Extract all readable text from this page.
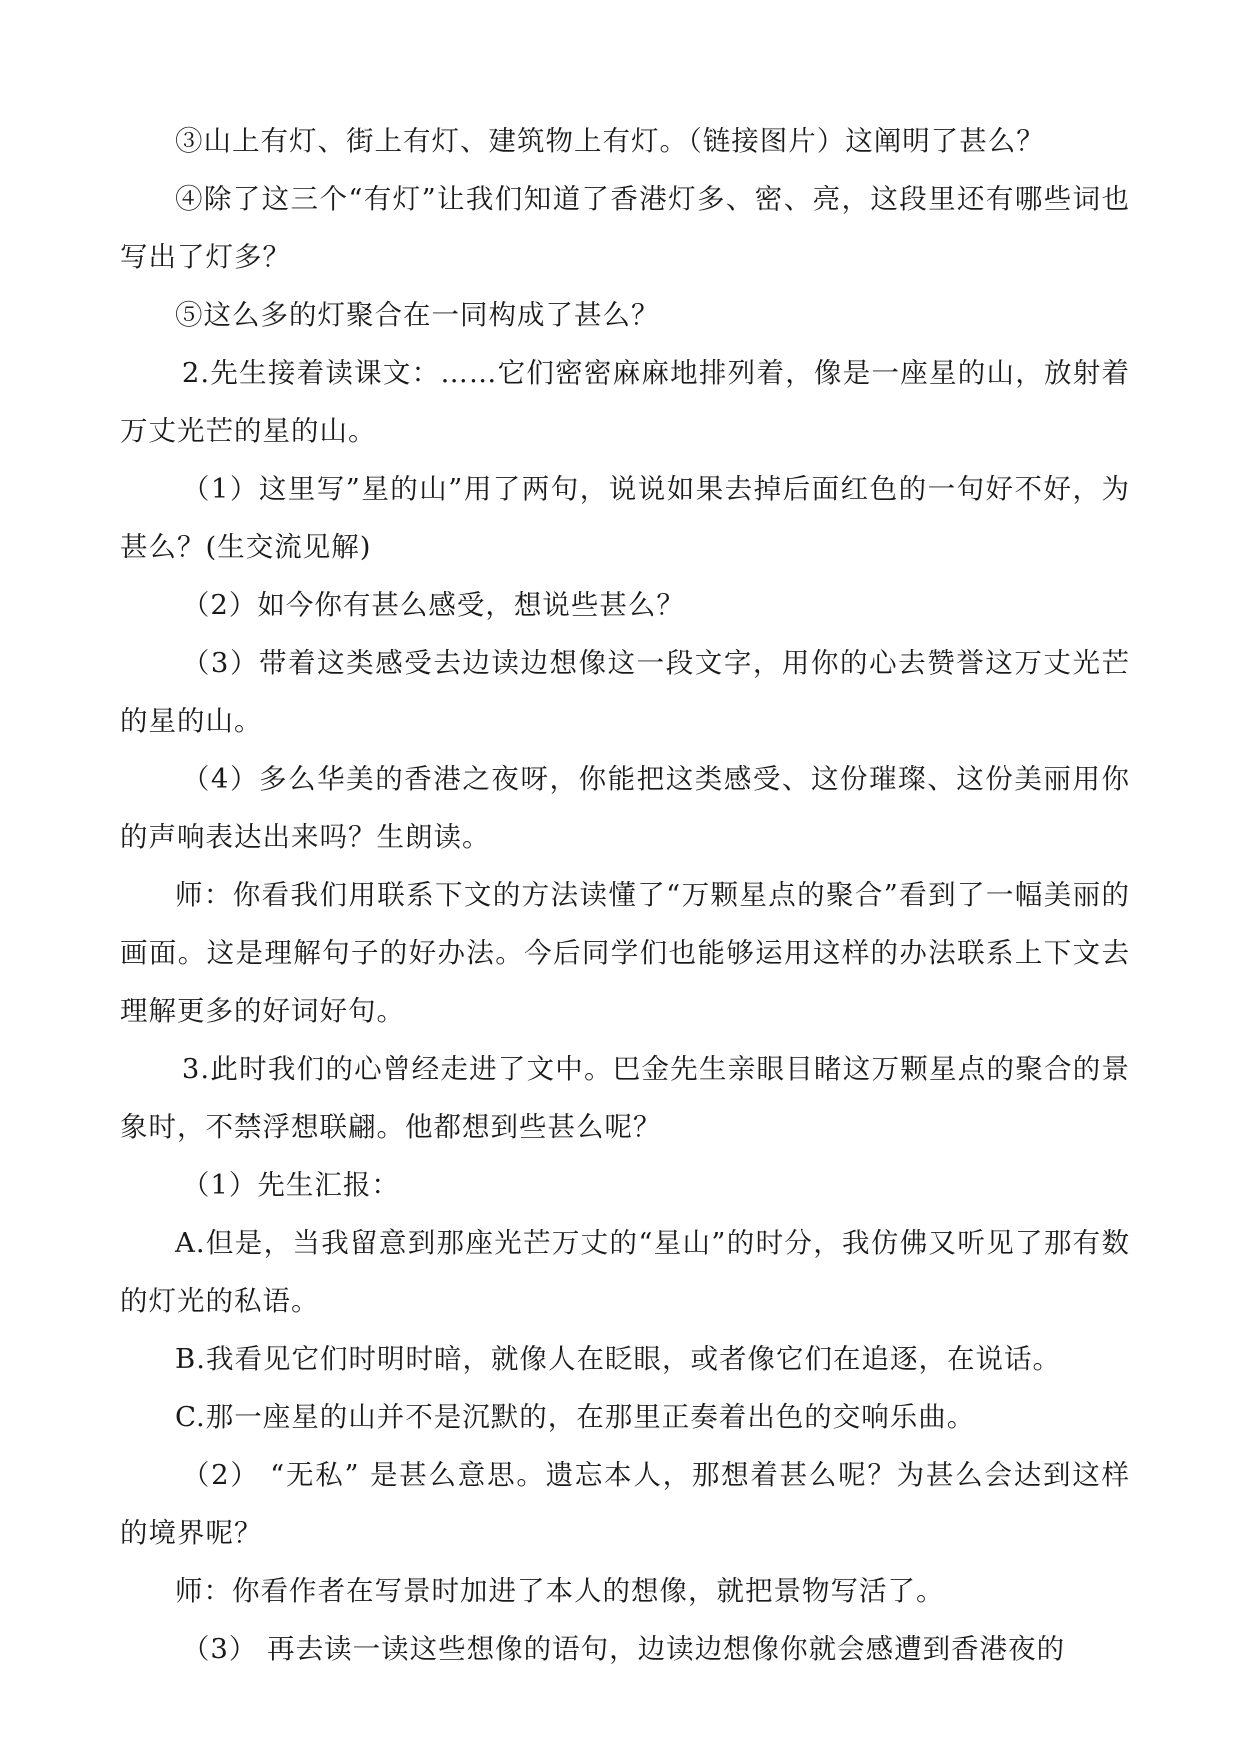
③山上有灯、街上有灯、建筑物上有灯。（链接图片）这阐明了甚么？

④除了这三个“有灯”让我们知道了香港灯多、密、亮，这段里还有哪些词也写出了灯多？

⑤这么多的灯聚合在一同构成了甚么？

2.先生接着读课文：……它们密密麻麻地排列着，像是一座星的山，放射着万丈光芒的星的山。

（1）这里写”星的山”用了两句，说说如果去掉后面红色的一句好不好，为甚么？(生交流见解)

（2）如今你有甚么感受，想说些甚么？

（3）带着这类感受去边读边想像这一段文字，用你的心去赞誉这万丈光芒的星的山。

（4）多么华美的香港之夜呀，你能把这类感受、这份璀璨、这份美丽用你的声响表达出来吗？生朗读。

师：你看我们用联系下文的方法读懂了“万颗星点的聚合”看到了一幅美丽的画面。这是理解句子的好办法。今后同学们也能够运用这样的办法联系上下文去理解更多的好词好句。

3.此时我们的心曾经走进了文中。巴金先生亲眼目睹这万颗星点的聚合的景象时，不禁浮想联翩。他都想到些甚么呢？

（1）先生汇报：

A.但是，当我留意到那座光芒万丈的“星山”的时分，我仿佛又听见了那有数的灯光的私语。

B.我看见它们时明时暗，就像人在眨眼，或者像它们在追逐，在说话。

C.那一座星的山并不是沉默的，在那里正奏着出色的交响乐曲。

（2） “无私” 是甚么意思。遗忘本人，那想着甚么呢？为甚么会达到这样的境界呢？

师：你看作者在写景时加进了本人的想像，就把景物写活了。

（3） 再去读一读这些想像的语句，边读边想像你就会感遭到香港夜的
